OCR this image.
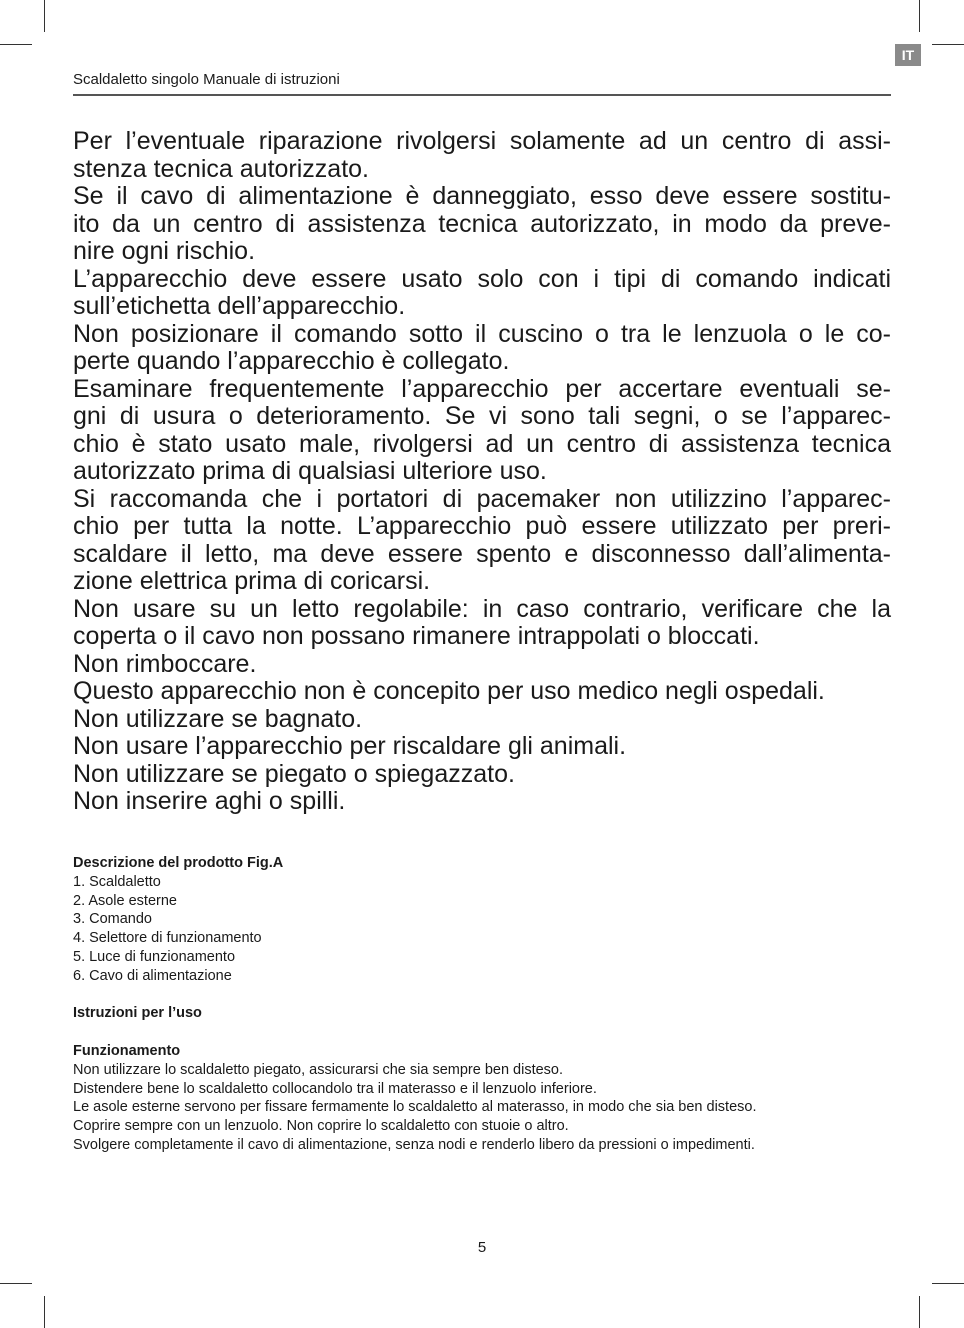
IT
Scaldaletto singolo Manuale di istruzioni
Per l’eventuale riparazione rivolgersi solamente ad un centro di assi-
stenza tecnica autorizzato.
Se il cavo di alimentazione è danneggiato, esso deve essere sostitu-
ito da un centro di assistenza tecnica autorizzato, in modo da preve-
nire ogni rischio.
L’apparecchio deve essere usato solo con i tipi di comando indicati
sull’etichetta dell’apparecchio.
Non posizionare il comando sotto il cuscino o tra le lenzuola o le co-
perte quando l’apparecchio è collegato.
Esaminare frequentemente l’apparecchio per accertare eventuali se-
gni di usura o deterioramento. Se vi sono tali segni, o se l’apparec-
chio è stato usato male, rivolgersi ad un centro di assistenza tecnica
autorizzato prima di qualsiasi ulteriore uso.
Si raccomanda che i portatori di pacemaker non utilizzino l’apparec-
chio per tutta la notte. L’apparecchio può essere utilizzato per preri-
scaldare il letto, ma deve essere spento e disconnesso dall’alimenta-
zione elettrica prima di coricarsi.
Non usare su un letto regolabile: in caso contrario, verificare che la
coperta o il cavo non possano rimanere intrappolati o bloccati.
Non rimboccare.
Questo apparecchio non è concepito per uso medico negli ospedali.
Non utilizzare se bagnato.
Non usare l’apparecchio per riscaldare gli animali.
Non utilizzare se piegato o spiegazzato.
Non inserire aghi o spilli.
Descrizione del prodotto Fig.A
1. Scaldaletto
2. Asole esterne
3. Comando
4. Selettore di funzionamento
5. Luce di funzionamento
6. Cavo di alimentazione
Istruzioni per l’uso
Funzionamento
Non utilizzare lo scaldaletto piegato, assicurarsi che sia sempre ben disteso.
Distendere bene lo scaldaletto collocandolo tra il materasso e il lenzuolo inferiore.
Le asole esterne servono per fissare fermamente lo scaldaletto al materasso, in modo che sia ben disteso.
Coprire sempre con un lenzuolo. Non coprire lo scaldaletto con stuoie o altro.
Svolgere completamente il cavo di alimentazione, senza nodi e renderlo libero da pressioni o impedimenti.
5
